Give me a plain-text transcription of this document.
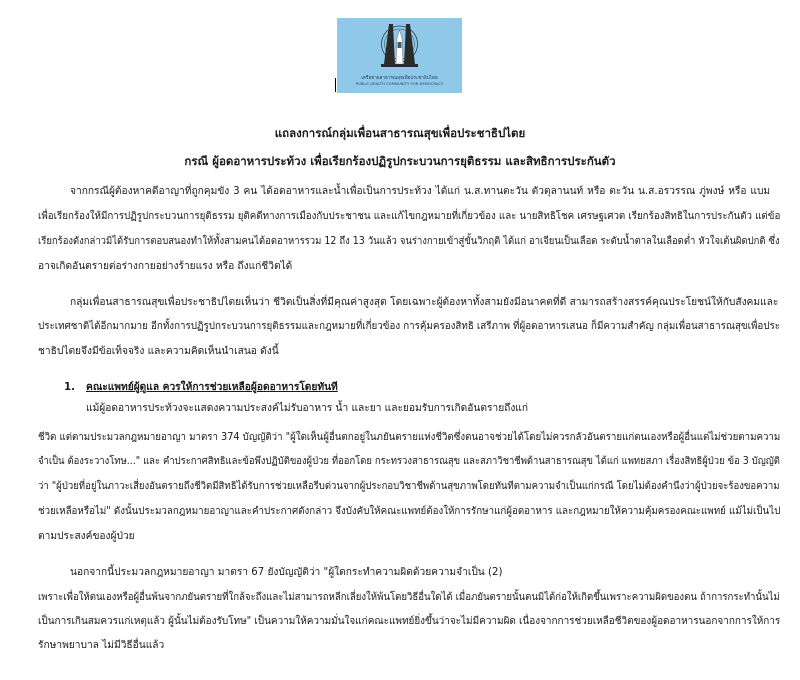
เครือข่ายสาธารณสุขเพื่อประชาธิปไตย
PUBLIC HEALTH COMMUNITY FOR DEMOCRACY
แถลงการณ์กลุ่มเพื่อนสาธารณสุขเพื่อประชาธิปไตย
กรณี ผู้อดอาหารประท้วง เพื่อเรียกร้องปฏิรูปกระบวนการยุติธรรม และสิทธิการประกันตัว
จากกรณีผู้ต้องหาคดีอาญาที่ถูกคุมขัง 3 คน ได้อดอาหารและน้ำเพื่อเป็นการประท้วง ได้แก่ น.ส.ทานตะวัน ตัวตุลานนท์ หรือ ตะวัน น.ส.อรวรรณ ภู่พงษ์ หรือ แบม
เพื่อเรียกร้องให้มีการปฏิรูปกระบวนการยุติธรรม ยุติคดีทางการเมืองกับประชาชน และแก้ไขกฎหมายที่เกี่ยวข้อง และ นายสิทธิโชค เศรษฐเศวต เรียกร้องสิทธิในการประกันตัว แต่ข้อ
เรียกร้องดังกล่าวมิได้รับการตอบสนองทำให้ทั้งสามคนได้อดอาหารรวม 12 ถึง 13 วันแล้ว จนร่างกายเข้าสู่ขั้นวิกฤติ ได้แก่ อาเจียนเป็นเลือด ระดับน้ำตาลในเลือดต่ำ หัวใจเต้นผิดปกติ ซึ่ง
อาจเกิดอันตรายต่อร่างกายอย่างร้ายแรง หรือ ถึงแก่ชีวิตได้
กลุ่มเพื่อนสาธารณสุขเพื่อประชาธิปไตยเห็นว่า ชีวิตเป็นสิ่งที่มีคุณค่าสูงสุด โดยเฉพาะผู้ต้องหาทั้งสามยังมีอนาคตที่ดี สามารถสร้างสรรค์คุณประโยชน์ให้กับสังคมและ
ประเทศชาติได้อีกมากมาย อีกทั้งการปฏิรูปกระบวนการยุติธรรมและกฎหมายที่เกี่ยวข้อง การคุ้มครองสิทธิ เสรีภาพ ที่ผู้อดอาหารเสนอ ก็มีความสำคัญ กลุ่มเพื่อนสาธารณสุขเพื่อประ
ชาธิปไตยจึงมีข้อเท็จจริง และความคิดเห็นนำเสนอ ดังนี้
1. คณะแพทย์ผู้ดูแล ควรให้การช่วยเหลือผู้อดอาหารโดยทันที
แม้ผู้อดอาหารประท้วงจะแสดงความประสงค์ไม่รับอาหาร น้ำ และยา และยอมรับการเกิดอันตรายถึงแก่
ชีวิต แต่ตามประมวลกฎหมายอาญา มาตรา 374 บัญญัติว่า "ผู้ใดเห็นผู้อื่นตกอยู่ในภยันตรายแห่งชีวิตซึ่งตนอาจช่วยได้โดยไม่ควรกลัวอันตรายแก่ตนเองหรือผู้อื่นแต่ไม่ช่วยตามความ
จำเป็น ต้องระวางโทษ..." และ คำประกาศสิทธิและข้อพึงปฏิบัติของผู้ป่วย ที่ออกโดย กระทรวงสาธารณสุข และสภาวิชาชีพด้านสาธารณสุข ได้แก่ แพทยสภา เรื่องสิทธิผู้ป่วย ข้อ 3 บัญญัติ
ว่า "ผู้ป่วยที่อยู่ในภาวะเสี่ยงอันตรายถึงชีวิตมีสิทธิได้รับการช่วยเหลือรีบด่วนจากผู้ประกอบวิชาชีพด้านสุขภาพโดยทันทีตามความจำเป็นแก่กรณี โดยไม่ต้องคำนึงว่าผู้ป่วยจะร้องขอความ
ช่วยเหลือหรือไม่" ดังนั้นประมวลกฎหมายอาญาและคำประกาศดังกล่าว จึงบังคับให้คณะแพทย์ต้องให้การรักษาแก่ผู้อดอาหาร และกฎหมายให้ความคุ้มครองคณะแพทย์ แม้ไม่เป็นไป
ตามประสงค์ของผู้ป่วย
นอกจากนี้ประมวลกฎหมายอาญา มาตรา 67 ยังบัญญัติว่า "ผู้ใดกระทำความผิดด้วยความจำเป็น (2)
เพราะเพื่อให้ตนเองหรือผู้อื่นพ้นจากภยันตรายที่ใกล้จะถึงและไม่สามารถหลีกเลี่ยงให้พ้นโดยวิธีอื่นใดได้ เมื่อภยันตรายนั้นตนมิได้ก่อให้เกิดขึ้นเพราะความผิดของตน ถ้าการกระทำนั้นไม่
เป็นการเกินสมควรแก่เหตุแล้ว ผู้นั้นไม่ต้องรับโทษ" เป็นความให้ความมั่นใจแก่คณะแพทย์ยิ่งขึ้นว่าจะไม่มีความผิด เนื่องจากการช่วยเหลือชีวิตของผู้อดอาหารนอกจากการให้การ
รักษาพยาบาล ไม่มีวิธีอื่นแล้ว
